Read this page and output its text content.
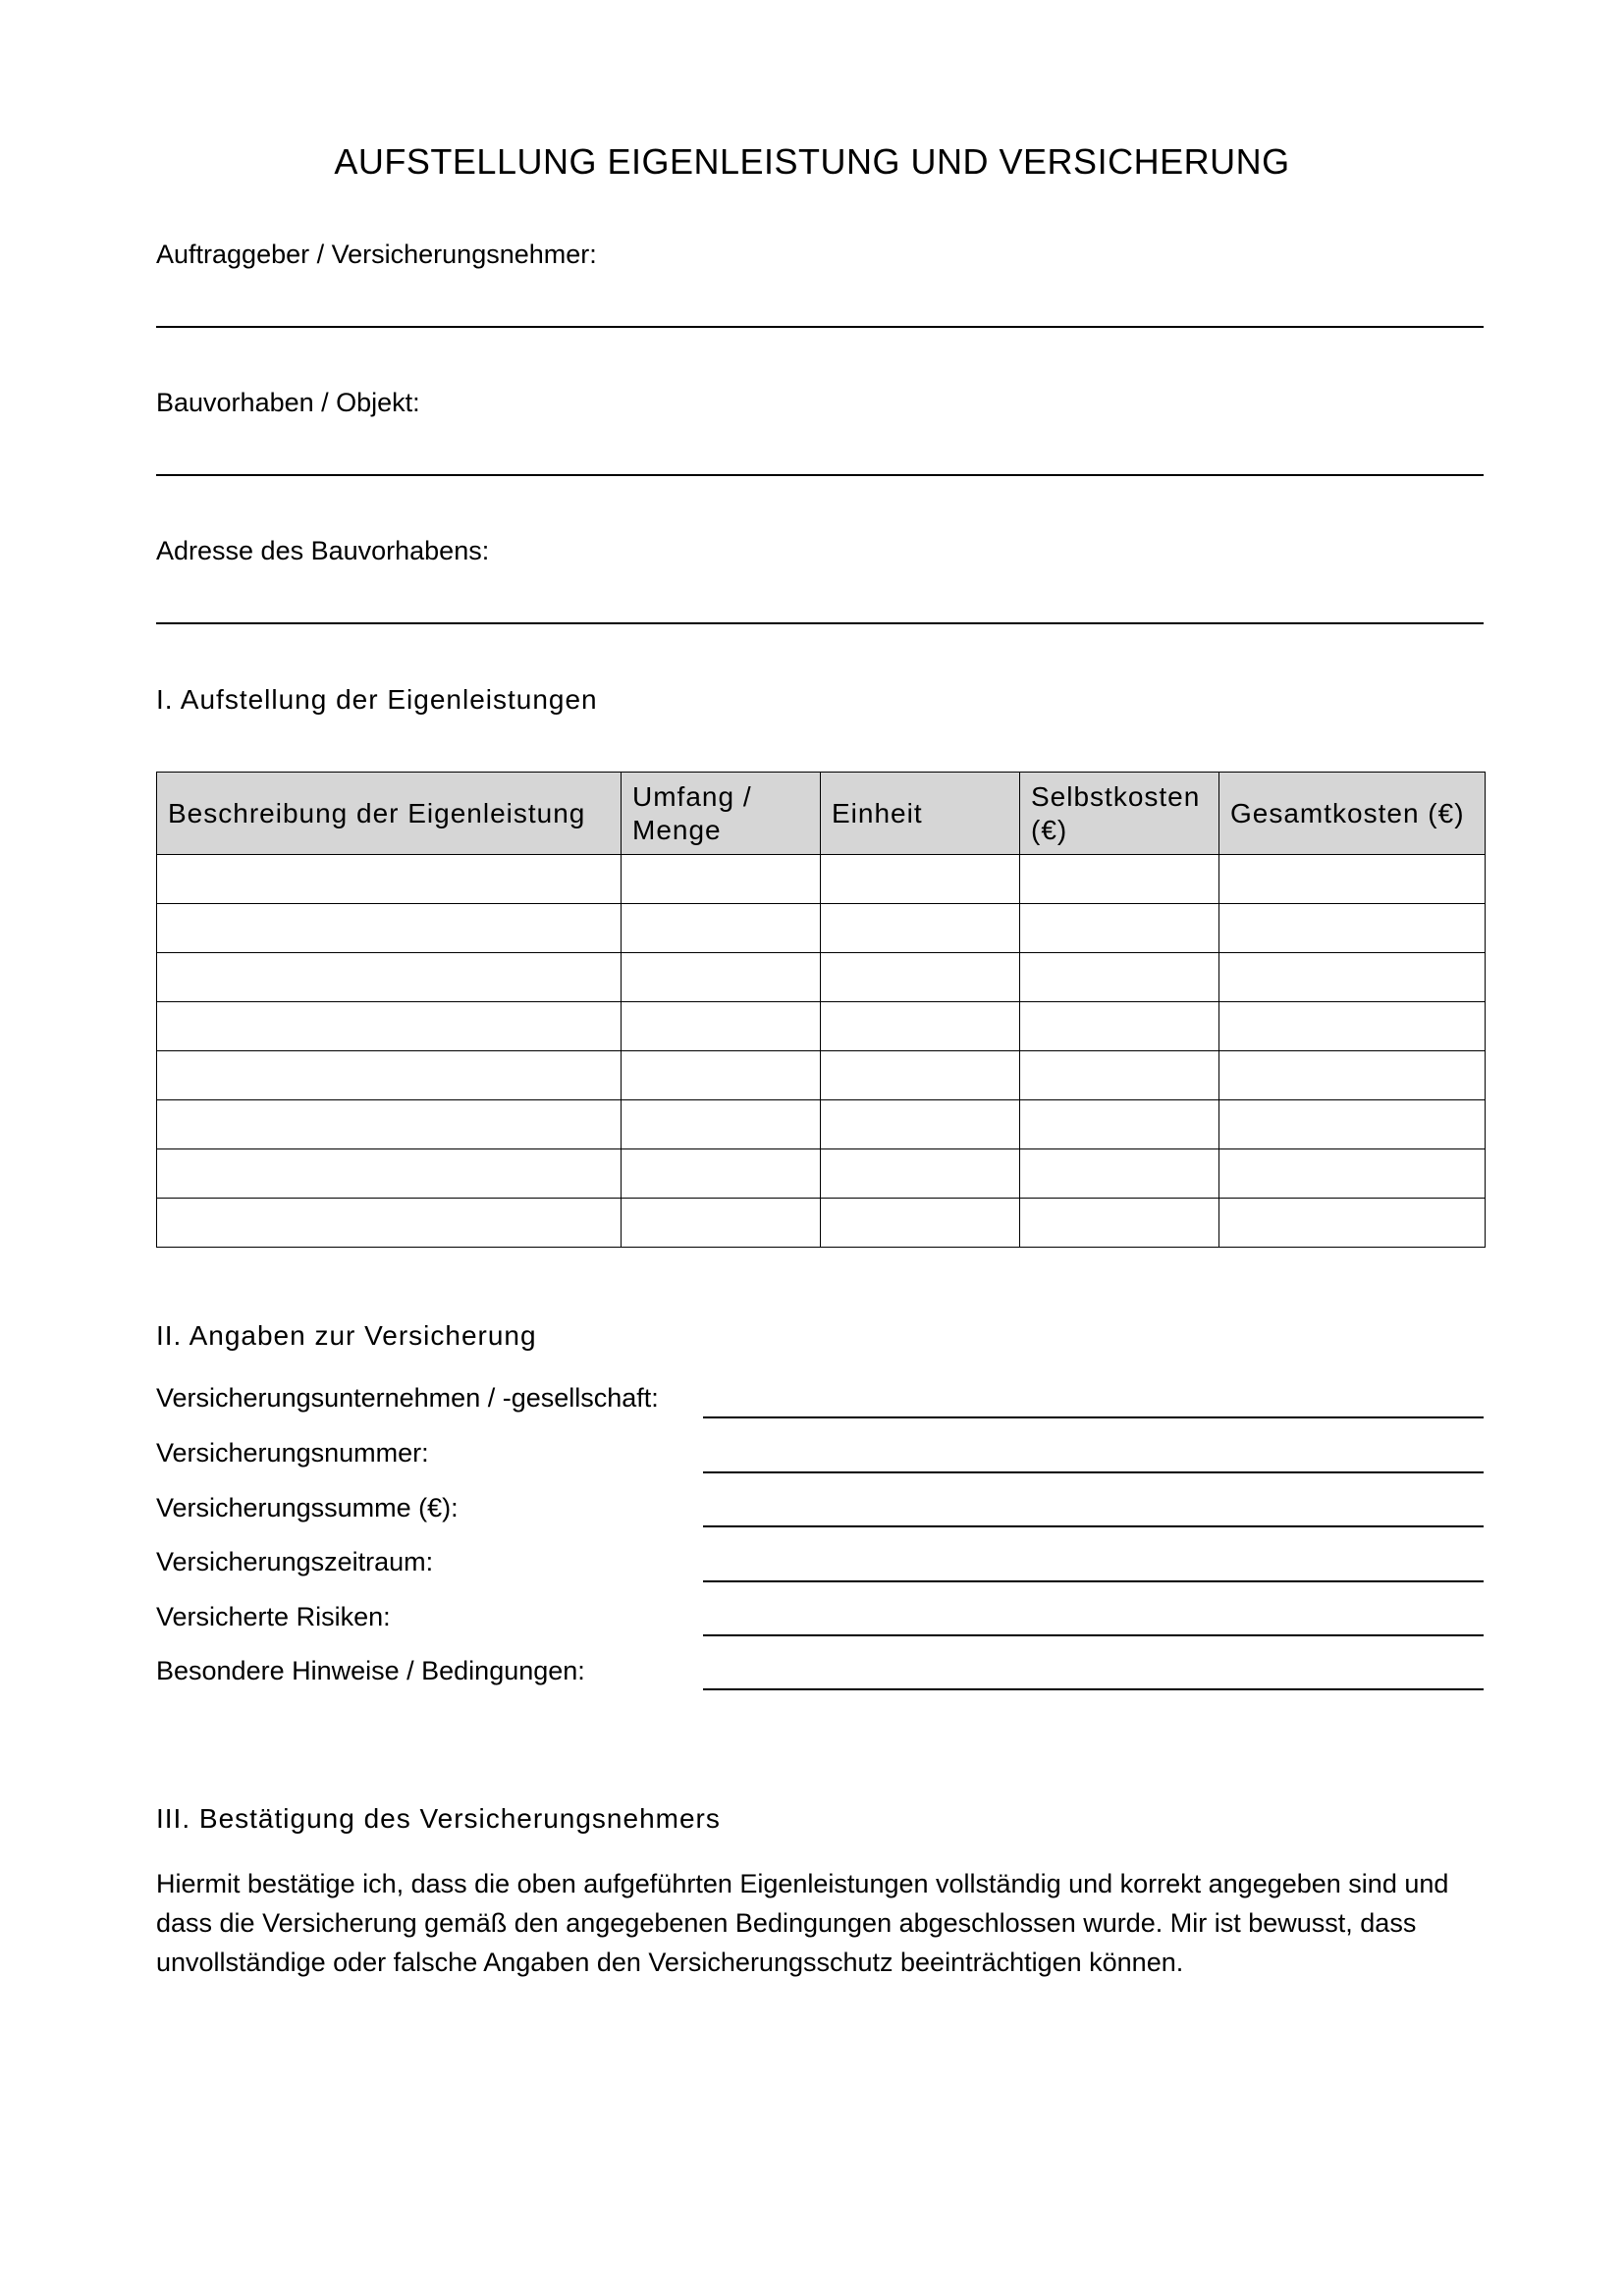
AUFSTELLUNG EIGENLEISTUNG UND VERSICHERUNG
Auftraggeber / Versicherungsnehmer:
Bauvorhaben / Objekt:
Adresse des Bauvorhabens:
I. Aufstellung der Eigenleistungen
Beschreibung der Eigenleistung	Umfang / Menge	Einheit	Selbstkosten (€)	Gesamtkosten (€)

II. Angaben zur Versicherung
Versicherungsunternehmen / -gesellschaft:
Versicherungsnummer:
Versicherungssumme (€):
Versicherungszeitraum:
Versicherte Risiken:
Besondere Hinweise / Bedingungen:
III. Bestätigung des Versicherungsnehmers
Hiermit bestätige ich, dass die oben aufgeführten Eigenleistungen vollständig und korrekt angegeben sind und dass die Versicherung gemäß den angegebenen Bedingungen abgeschlossen wurde. Mir ist bewusst, dass unvollständige oder falsche Angaben den Versicherungsschutz beeinträchtigen können.
